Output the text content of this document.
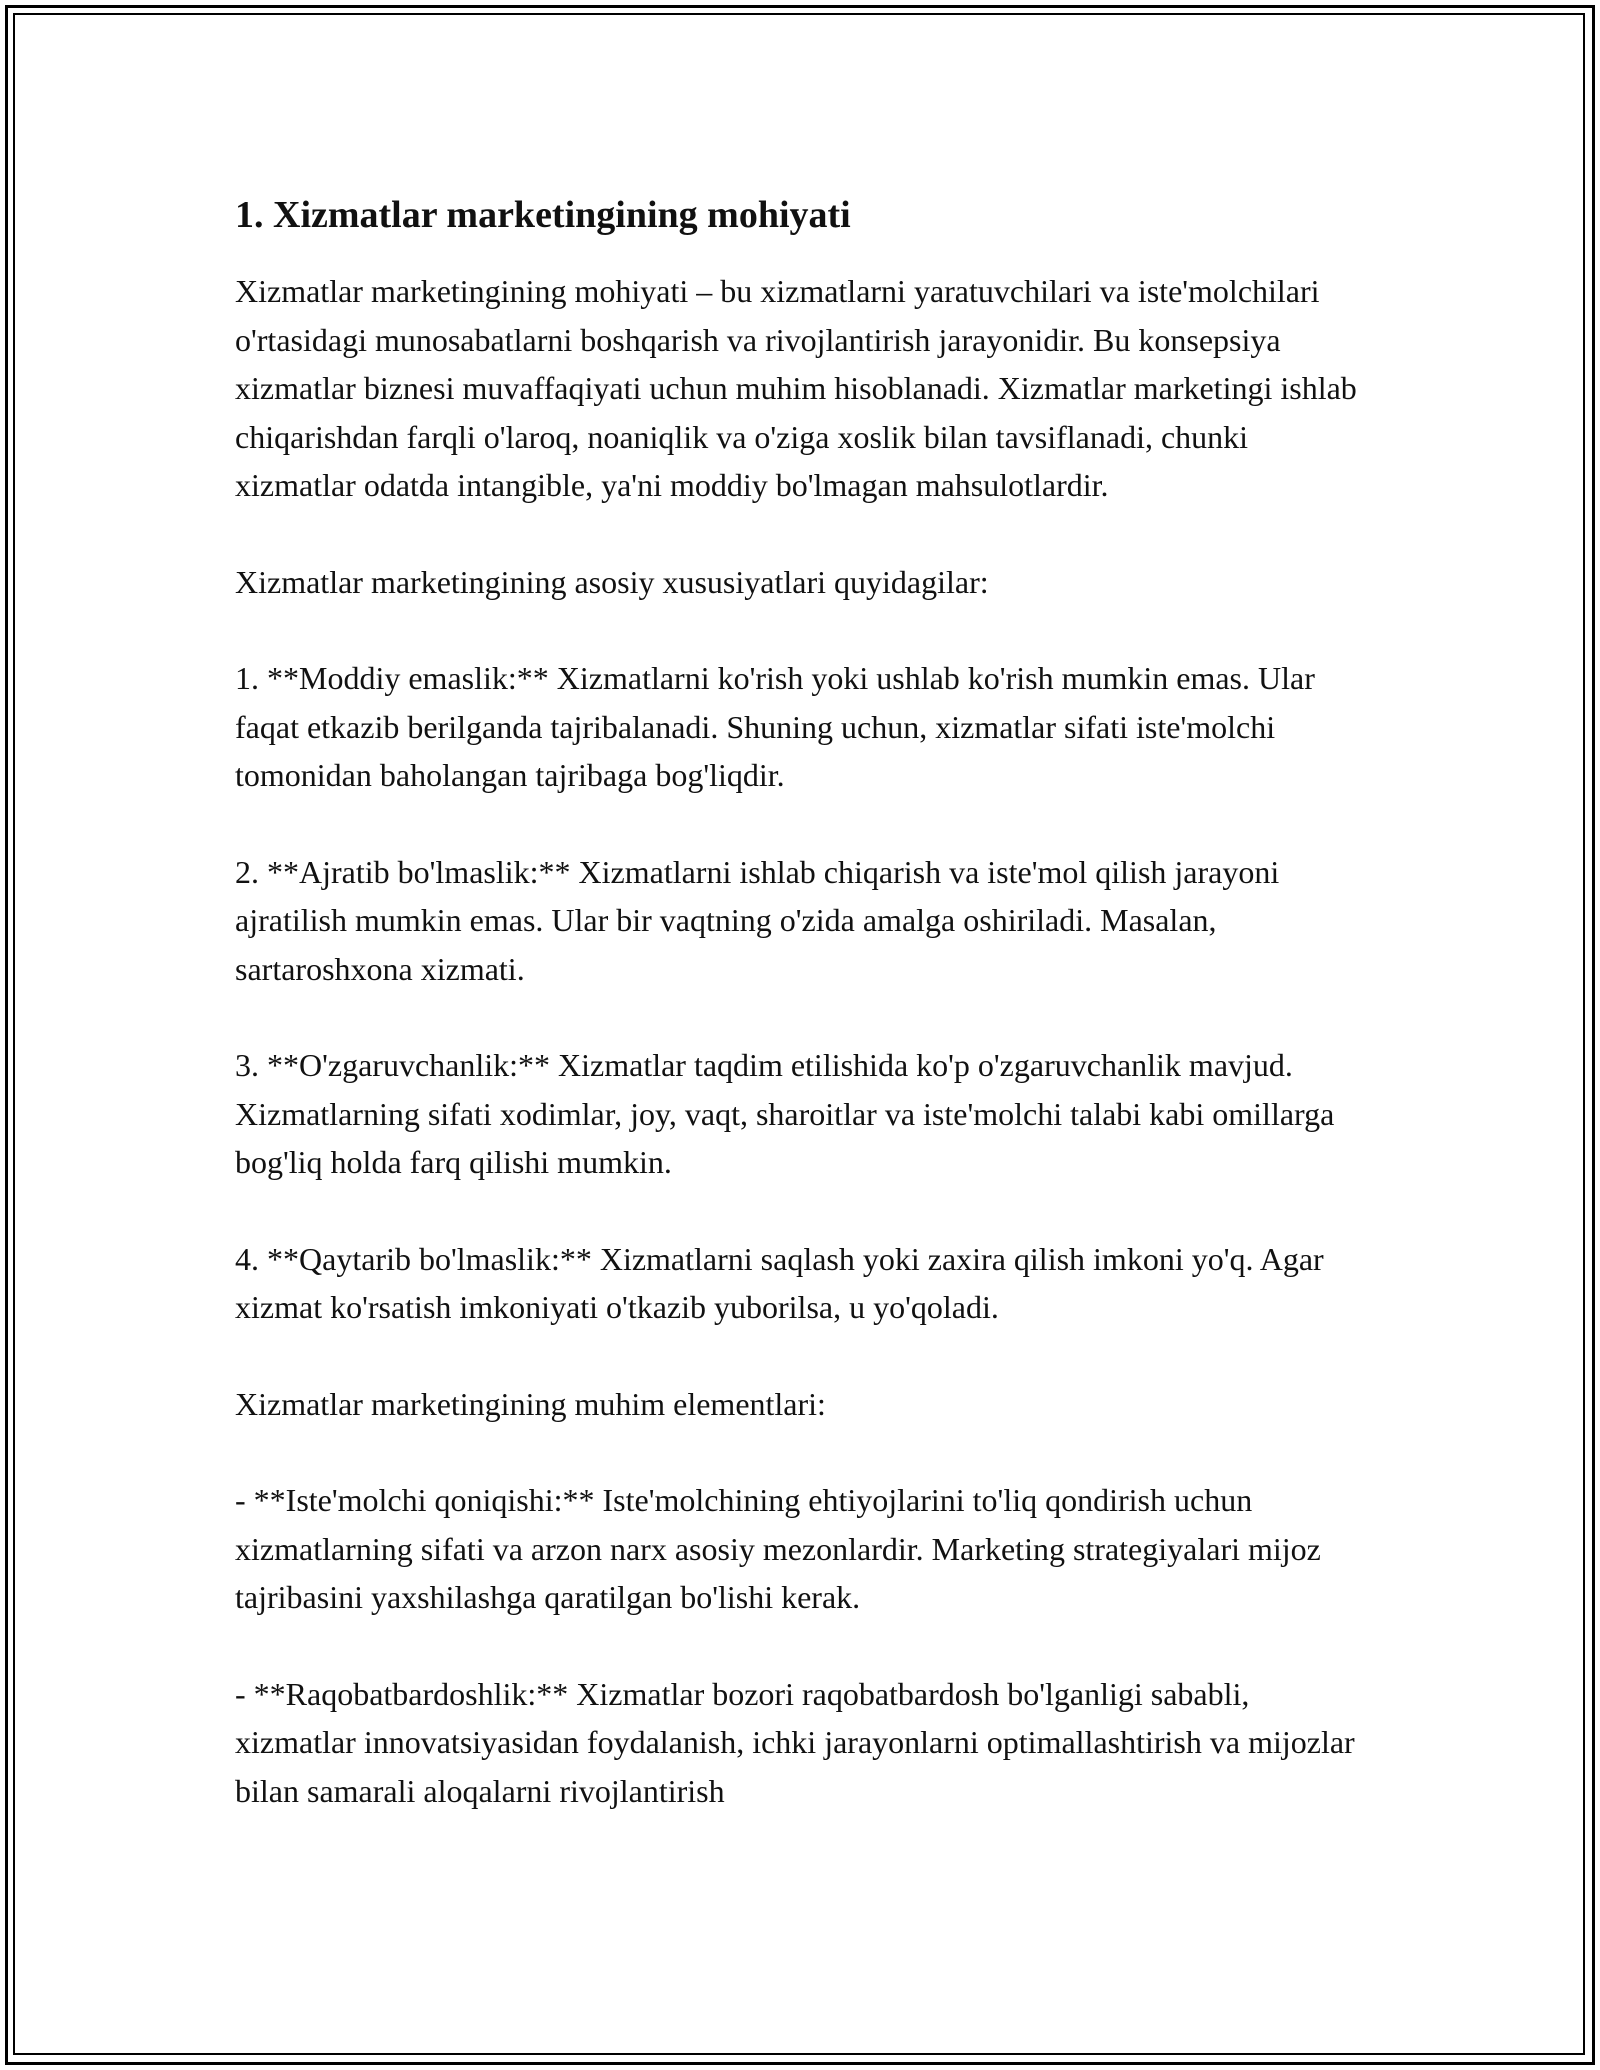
1. Xizmatlar marketingining mohiyati

Xizmatlar marketingining mohiyati – bu xizmatlarni yaratuvchilari va iste'molchilari o'rtasidagi munosabatlarni boshqarish va rivojlantirish jarayonidir. Bu konsepsiya xizmatlar biznesi muvaffaqiyati uchun muhim hisoblanadi. Xizmatlar marketingi ishlab chiqarishdan farqli o'laroq, noaniqlik va o'ziga xoslik bilan tavsiflanadi, chunki xizmatlar odatda intangible, ya'ni moddiy bo'lmagan mahsulotlardir.

Xizmatlar marketingining asosiy xususiyatlari quyidagilar:

1. **Moddiy emaslik:** Xizmatlarni ko'rish yoki ushlab ko'rish mumkin emas. Ular faqat etkazib berilganda tajribalanadi. Shuning uchun, xizmatlar sifati iste'molchi tomonidan baholangan tajribaga bog'liqdir.

2. **Ajratib bo'lmaslik:** Xizmatlarni ishlab chiqarish va iste'mol qilish jarayoni ajratilish mumkin emas. Ular bir vaqtning o'zida amalga oshiriladi. Masalan, sartaroshxona xizmati.

3. **O'zgaruvchanlik:** Xizmatlar taqdim etilishida ko'p o'zgaruvchanlik mavjud. Xizmatlarning sifati xodimlar, joy, vaqt, sharoitlar va iste'molchi talabi kabi omillarga bog'liq holda farq qilishi mumkin.

4. **Qaytarib bo'lmaslik:** Xizmatlarni saqlash yoki zaxira qilish imkoni yo'q. Agar xizmat ko'rsatish imkoniyati o'tkazib yuborilsa, u yo'qoladi.

Xizmatlar marketingining muhim elementlari:

- **Iste'molchi qoniqishi:** Iste'molchining ehtiyojlarini to'liq qondirish uchun xizmatlarning sifati va arzon narx asosiy mezonlardir. Marketing strategiyalari mijoz tajribasini yaxshilashga qaratilgan bo'lishi kerak.

- **Raqobatbardoshlik:** Xizmatlar bozori raqobatbardosh bo'lganligi sababli, xizmatlar innovatsiyasidan foydalanish, ichki jarayonlarni optimallashtirish va mijozlar bilan samarali aloqalarni rivojlantirish
